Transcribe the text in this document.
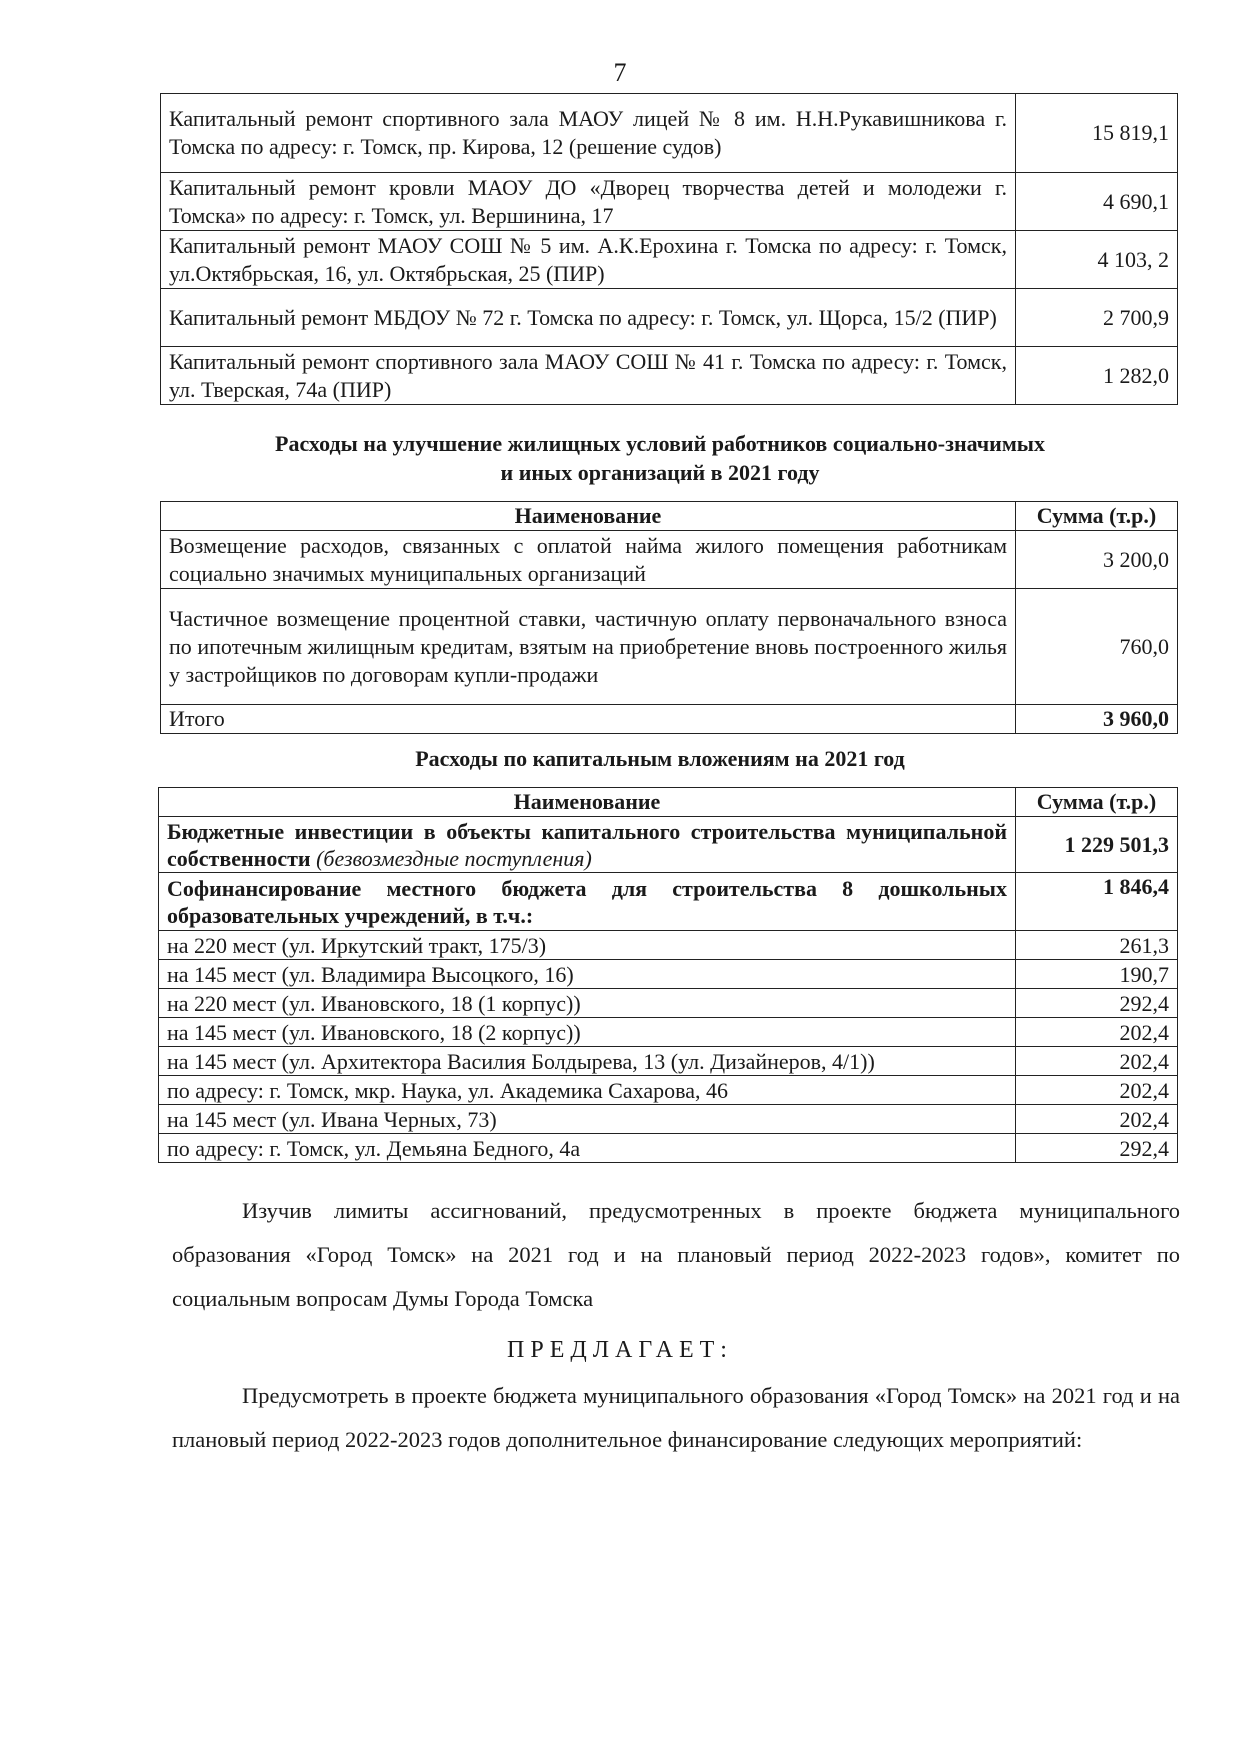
7
Капитальный ремонт спортивного зала МАОУ лицей № 8 им. Н.Н.Рукавишникова г. Томска по адресу: г. Томск, пр. Кирова, 12 (решение судов)	15 819,1
Капитальный ремонт кровли МАОУ ДО «Дворец творчества детей и молодежи г. Томска» по адресу: г. Томск, ул. Вершинина, 17	4 690,1
Капитальный ремонт МАОУ СОШ № 5 им. А.К.Ерохина г. Томска по адресу: г. Томск, ул.Октябрьская, 16, ул. Октябрьская, 25 (ПИР)	4 103, 2
Капитальный ремонт МБДОУ № 72 г. Томска по адресу: г. Томск, ул. Щорса, 15/2 (ПИР)	2 700,9
Капитальный ремонт спортивного зала МАОУ СОШ № 41 г. Томска по адресу: г. Томск, ул. Тверская, 74а (ПИР)	1 282,0
Расходы на улучшение жилищных условий работников социально-значимых
и иных организаций в 2021 году
Наименование	Сумма (т.р.)
Возмещение расходов, связанных с оплатой найма жилого помещения работникам социально значимых муниципальных организаций	3 200,0
Частичное возмещение процентной ставки, частичную оплату первоначального взноса по ипотечным жилищным кредитам, взятым на приобретение вновь построенного жилья у застройщиков по договорам купли-продажи	760,0
Итого	3 960,0
Расходы по капитальным вложениям на 2021 год
Наименование	Сумма (т.р.)
Бюджетные инвестиции в объекты капитального строительства муниципальной собственности (безвозмездные поступления)	1 229 501,3
Софинансирование местного бюджета для строительства 8 дошкольных образовательных учреждений, в т.ч.:	1 846,4
на 220 мест (ул. Иркутский тракт, 175/3)	261,3
на 145 мест (ул. Владимира Высоцкого, 16)	190,7
на 220 мест (ул. Ивановского, 18 (1 корпус))	292,4
на 145 мест (ул. Ивановского, 18 (2 корпус))	202,4
на 145 мест (ул. Архитектора Василия Болдырева, 13 (ул. Дизайнеров, 4/1))	202,4
по адресу: г. Томск, мкр. Наука, ул. Академика Сахарова, 46	202,4
на 145 мест (ул. Ивана Черных, 73)	202,4
по адресу: г. Томск, ул. Демьяна Бедного, 4а	292,4
Изучив лимиты ассигнований, предусмотренных в проекте бюджета муниципального образования «Город Томск» на 2021 год и на плановый период 2022-2023 годов», комитет по социальным вопросам Думы Города Томска
ПРЕДЛАГАЕТ:
Предусмотреть в проекте бюджета муниципального образования «Город Томск» на 2021 год и на плановый период 2022-2023 годов дополнительное финансирование следующих мероприятий:
